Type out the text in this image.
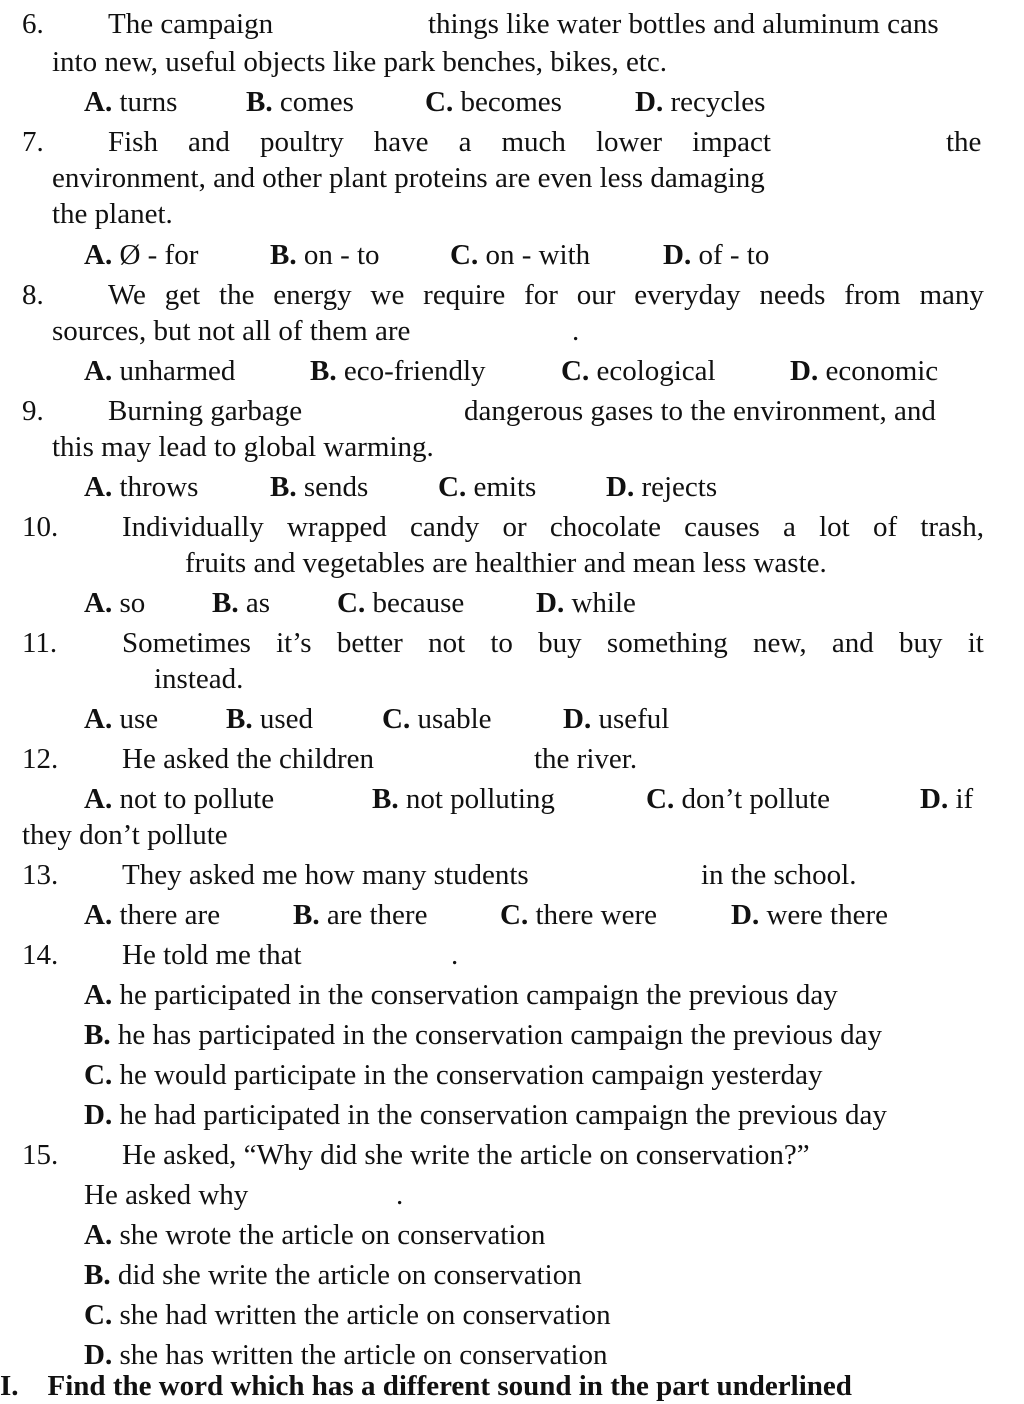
6. The campaign	things like water bottles and aluminum cans
into new, useful objects like park benches, bikes, etc.
A. turns B. comes C. becomes	D. recycles
7. Fish and poultry have a much lower impact	the
environment, and other plant proteins are even less damaging
the planet.
A. Ø - for B. on - to C. on - with	D. of - to
8. We get the energy we require for our everyday needs from many
sources, but not all of them are	.
A. unharmed	B. eco-friendly	C. ecological	D. economic
9. Burning garbage	dangerous gases to the environment, and
this may lead to global warming.
A. throws B. sends C. emits D. rejects
10. Individually wrapped candy or chocolate causes a lot of trash,
fruits and vegetables are healthier and mean less waste.
A. so B. as C. because D. while
11. Sometimes it’s better not to buy something new, and buy it
instead.
A. use B. used C. usable D. useful
12. He asked the children	the river.
A. not to pollute	B. not polluting	C. don’t pollute	D. if
they don’t pollute
13. They asked me how many students	in the school.
A. there are	B. are there	C. there were	D. were there
14. He told me that	.
A. he participated in the conservation campaign the previous day
B. he has participated in the conservation campaign the previous day
C. he would participate in the conservation campaign yesterday
D. he had participated in the conservation campaign the previous day
15. He asked, “Why did she write the article on conservation?”
He asked why	.
A. she wrote the article on conservation
B. did she write the article on conservation
C. she had written the article on conservation
D. she has written the article on conservation
I.    Find the word which has a different sound in the part underlined
